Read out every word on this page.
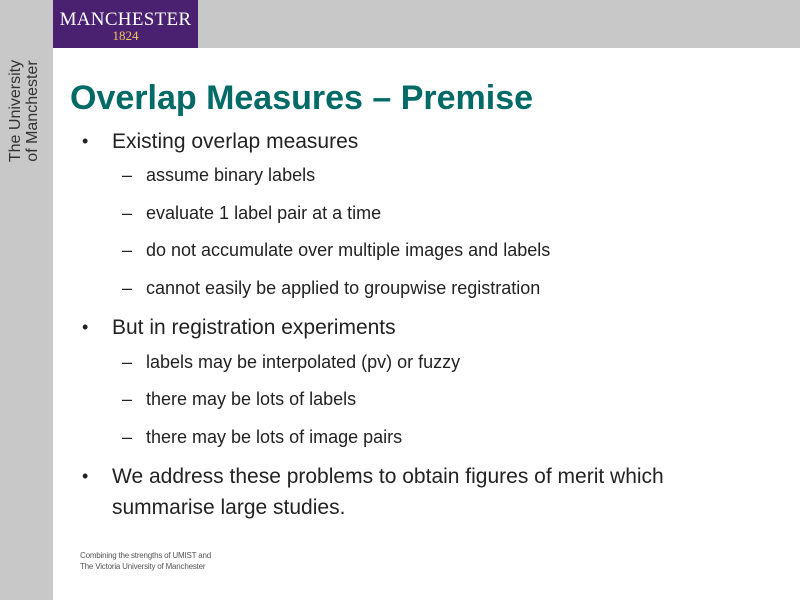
MANCHESTER
1824
The University of Manchester Overlap Measures – Premise
•	Existing overlap measures
– assume binary labels
– evaluate 1 label pair at a time
– do not accumulate over multiple images and labels
– cannot easily be applied to groupwise registration
•	But in registration experiments
– labels may be interpolated (pv) or fuzzy
– there may be lots of labels
– there may be lots of image pairs
•	We address these problems to obtain figures of merit which summarise large studies.
Combining the strengths of UMIST and
The Victoria University of Manchester
